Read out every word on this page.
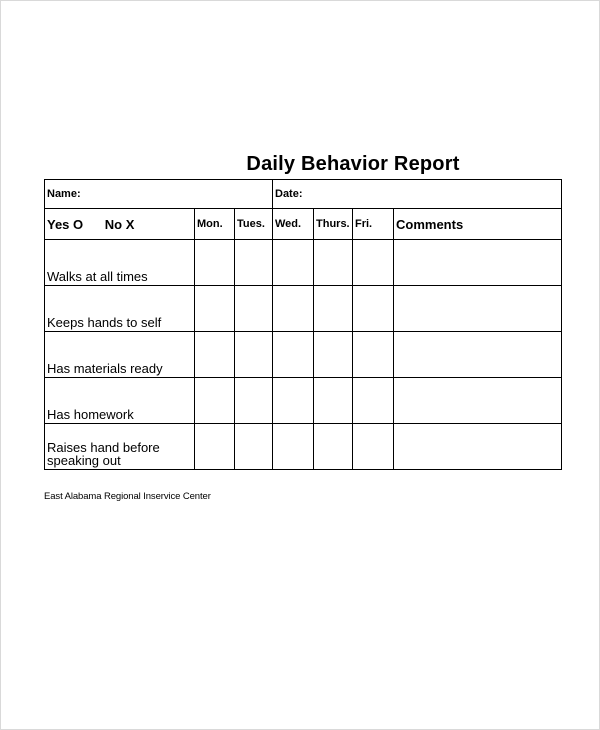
Daily Behavior Report
Name:			Date:			
Yes O No X	Mon.	Tues.	Wed.	Thurs.	Fri.	Comments
Walks at all times						
Keeps hands to self						
Has materials ready						
Has homework						
Raises hand before speaking out						
East Alabama Regional Inservice Center
